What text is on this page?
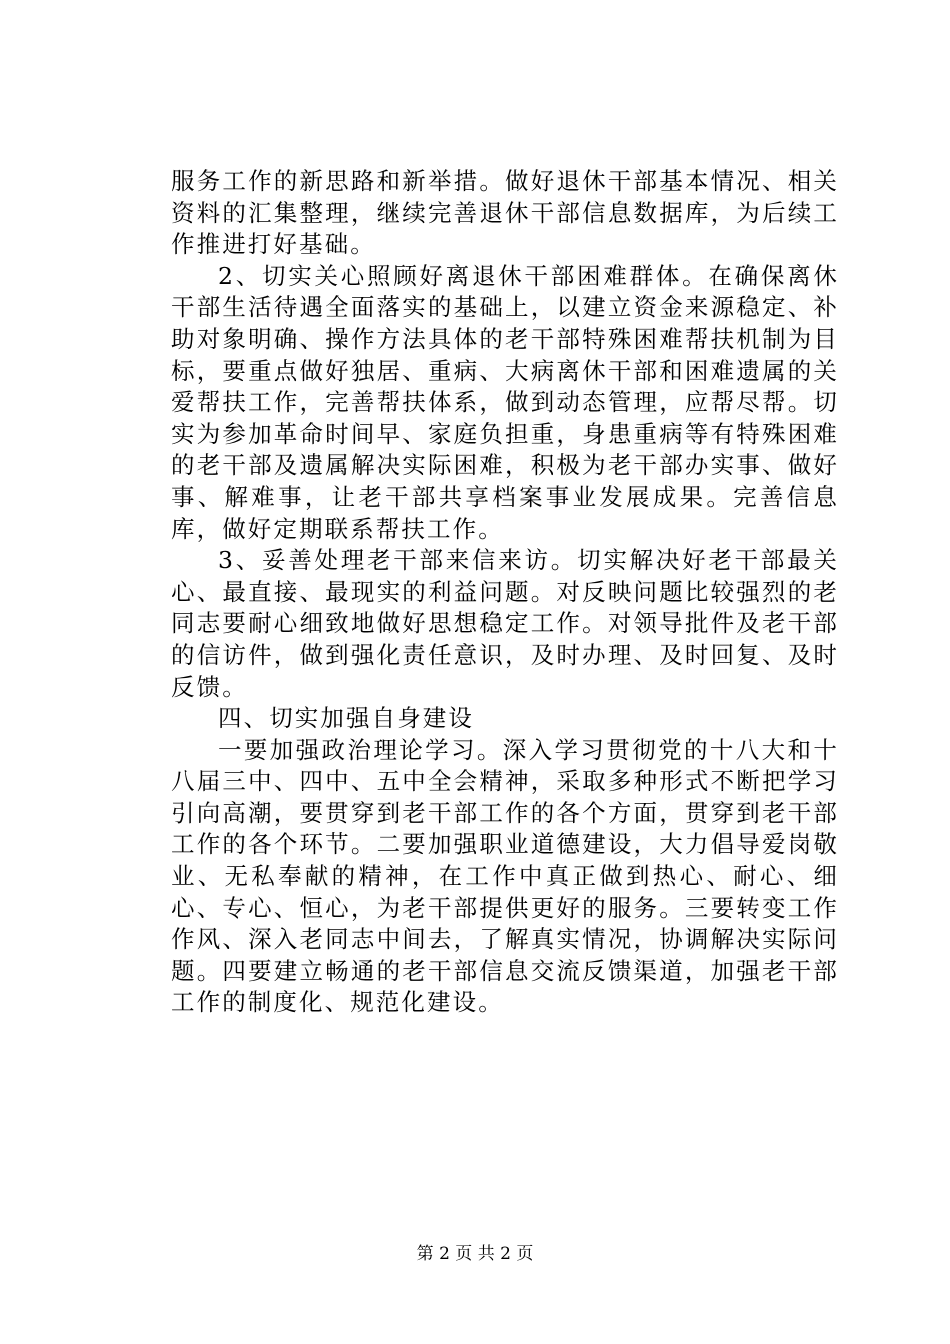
服务工作的新思路和新举措。做好退休干部基本情况、相关资料的汇集整理，继续完善退休干部信息数据库，为后续工作推进打好基础。

2、切实关心照顾好离退休干部困难群体。在确保离休干部生活待遇全面落实的基础上，以建立资金来源稳定、补助对象明确、操作方法具体的老干部特殊困难帮扶机制为目标，要重点做好独居、重病、大病离休干部和困难遗属的关爱帮扶工作，完善帮扶体系，做到动态管理，应帮尽帮。切实为参加革命时间早、家庭负担重，身患重病等有特殊困难的老干部及遗属解决实际困难，积极为老干部办实事、做好事、解难事，让老干部共享档案事业发展成果。完善信息库，做好定期联系帮扶工作。

3、妥善处理老干部来信来访。切实解决好老干部最关心、最直接、最现实的利益问题。对反映问题比较强烈的老同志要耐心细致地做好思想稳定工作。对领导批件及老干部的信访件，做到强化责任意识，及时办理、及时回复、及时反馈。

四、切实加强自身建设

一要加强政治理论学习。深入学习贯彻党的十八大和十八届三中、四中、五中全会精神，采取多种形式不断把学习引向高潮，要贯穿到老干部工作的各个方面，贯穿到老干部工作的各个环节。二要加强职业道德建设，大力倡导爱岗敬业、无私奉献的精神，在工作中真正做到热心、耐心、细心、专心、恒心，为老干部提供更好的服务。三要转变工作作风、深入老同志中间去，了解真实情况，协调解决实际问题。四要建立畅通的老干部信息交流反馈渠道，加强老干部工作的制度化、规范化建设。

第 2 页 共 2 页
